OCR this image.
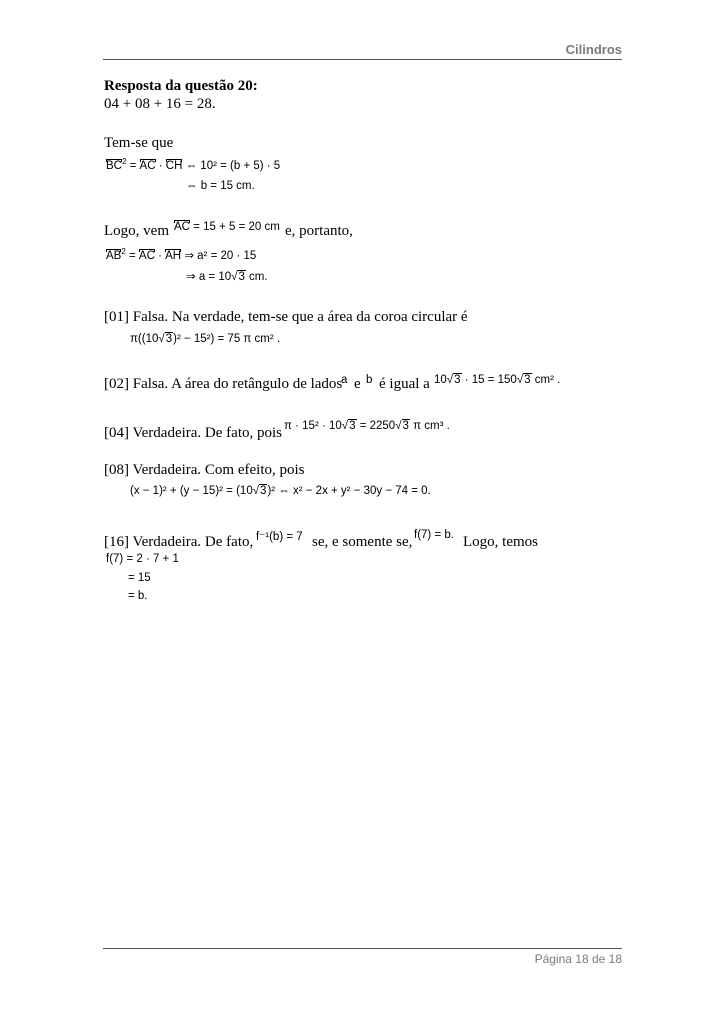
Cilindros
Resposta da questão 20:
04 + 08 + 16 = 28.
Tem-se que
BC
$^2$ = AC · CH
⇔ 10² = (b + 5) · 5
⇔ b = 15 cm.
Logo, vem AC
= 15 + 5 = 20 cm e, portanto,
AB
$^2$ = AC · AH
⇒ a² = 20 · 15
⇒ a = 10√3 cm.
[01] Falsa. Na verdade, tem-se que a área da coroa circular é
π((10√3)² − 15²) = 75 π cm² .
[02] Falsa. A área do retângulo de lados
a e b é igual a 10√3 · 15 = 150√3 cm² .
[04] Verdadeira. De fato, pois π · 15² · 10√3 = 2250√3 π cm³ .
[08] Verdadeira. Com efeito, pois
(x − 1)² + (y − 15)² = (10√3)² ⇔ x² − 2x + y² − 30y − 74 = 0.
[16] Verdadeira. De fato, f⁻¹(b) = 7 se, e somente se, f(7) = b. Logo, temos
f(7) = 2 · 7 + 1
= 15
= b.
Página 18 de 18
